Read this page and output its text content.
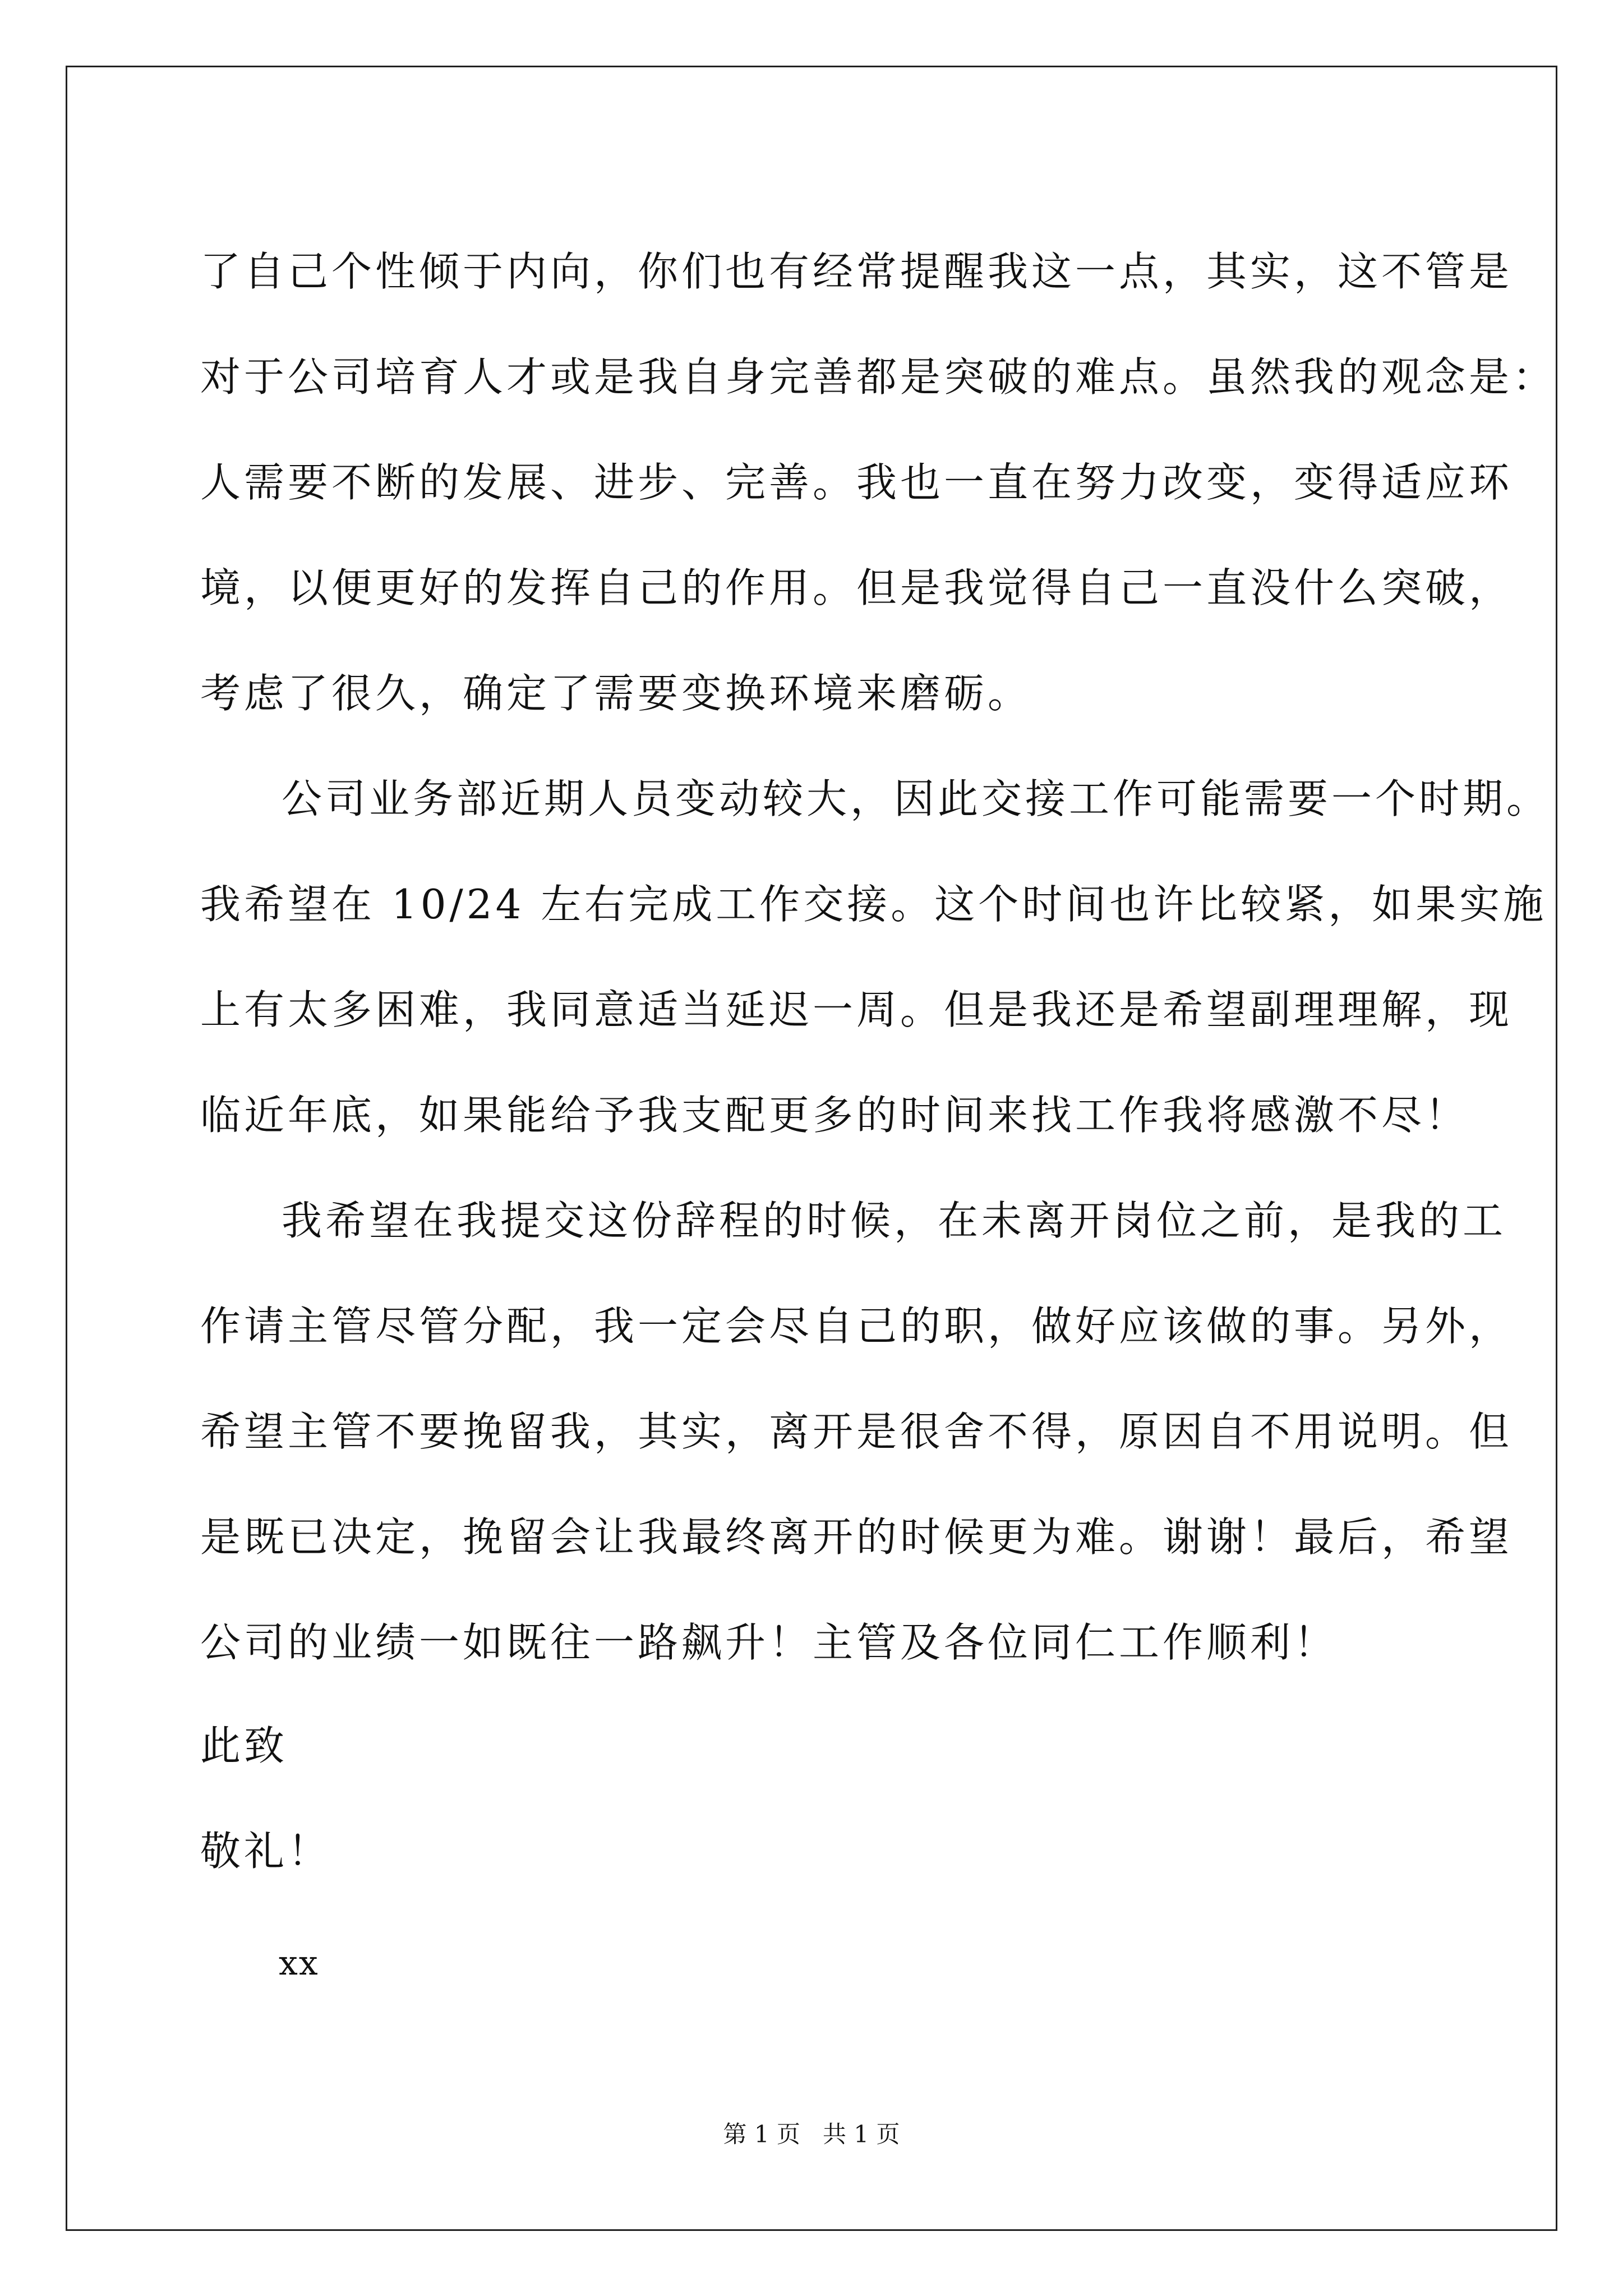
了自己个性倾于内向，你们也有经常提醒我这一点，其实，这不管是
对于公司培育人才或是我自身完善都是突破的难点。虽然我的观念是：
人需要不断的发展、进步、完善。我也一直在努力改变，变得适应环
境，以便更好的发挥自己的作用。但是我觉得自己一直没什么突破，
考虑了很久，确定了需要变换环境来磨砺。
公司业务部近期人员变动较大，因此交接工作可能需要一个时期。
我希望在 10/24 左右完成工作交接。这个时间也许比较紧，如果实施
上有太多困难，我同意适当延迟一周。但是我还是希望副理理解，现
临近年底，如果能给予我支配更多的时间来找工作我将感激不尽！
我希望在我提交这份辞程的时候，在未离开岗位之前，是我的工
作请主管尽管分配，我一定会尽自己的职，做好应该做的事。另外，
希望主管不要挽留我，其实，离开是很舍不得，原因自不用说明。但
是既已决定，挽留会让我最终离开的时候更为难。谢谢！最后，希望
公司的业绩一如既往一路飙升！主管及各位同仁工作顺利！
此致
敬礼！
xx
第 1 页   共 1 页
